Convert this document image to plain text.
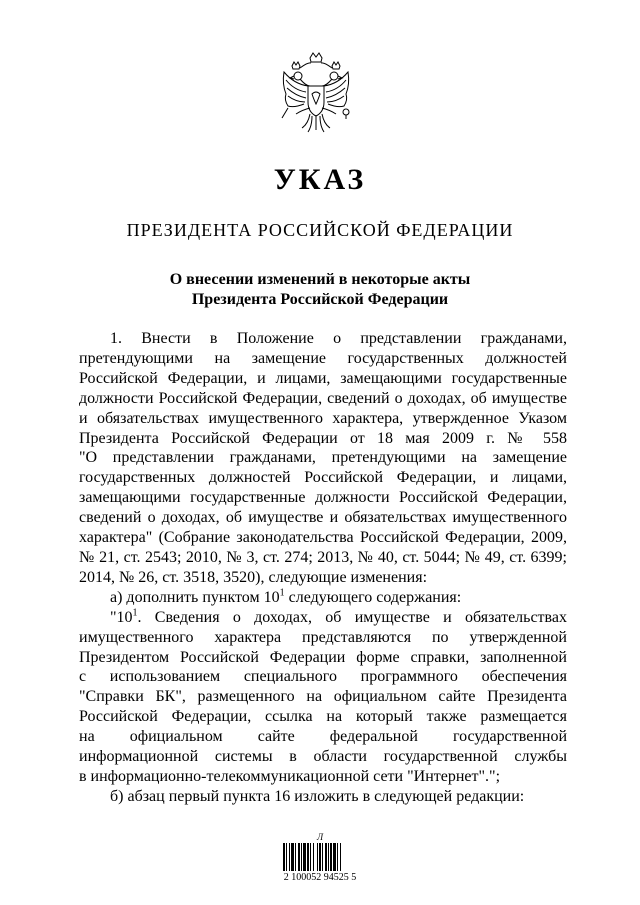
УКАЗ
ПРЕЗИДЕНТА РОССИЙСКОЙ ФЕДЕРАЦИИ
О внесении изменений в некоторые акты
Президента Российской Федерации
1. Внести в Положение о представлении гражданами,
претендующими на замещение государственных должностей
Российской Федерации, и лицами, замещающими государственные
должности Российской Федерации, сведений о доходах, об имуществе
и обязательствах имущественного характера, утвержденное Указом
Президента Российской Федерации от 18 мая 2009 г. № 558
"О представлении гражданами, претендующими на замещение
государственных должностей Российской Федерации, и лицами,
замещающими государственные должности Российской Федерации,
сведений о доходах, об имуществе и обязательствах имущественного
характера" (Собрание законодательства Российской Федерации, 2009,
№ 21, ст. 2543; 2010, № 3, ст. 274; 2013, № 40, ст. 5044; № 49, ст. 6399;
2014, № 26, ст. 3518, 3520), следующие изменения:
а) дополнить пунктом $10^1$ следующего содержания:
"$10^1$. Сведения о доходах, об имуществе и обязательствах
имущественного характера представляются по утвержденной
Президентом Российской Федерации форме справки, заполненной
с использованием специального программного обеспечения
"Справки БК", размещенного на официальном сайте Президента
Российской Федерации, ссылка на который также размещается
на официальном сайте федеральной государственной
информационной системы в области государственной службы
в информационно-телекоммуникационной сети "Интернет".";
б) абзац первый пункта 16 изложить в следующей редакции:
Л
2 100052 94525 5
